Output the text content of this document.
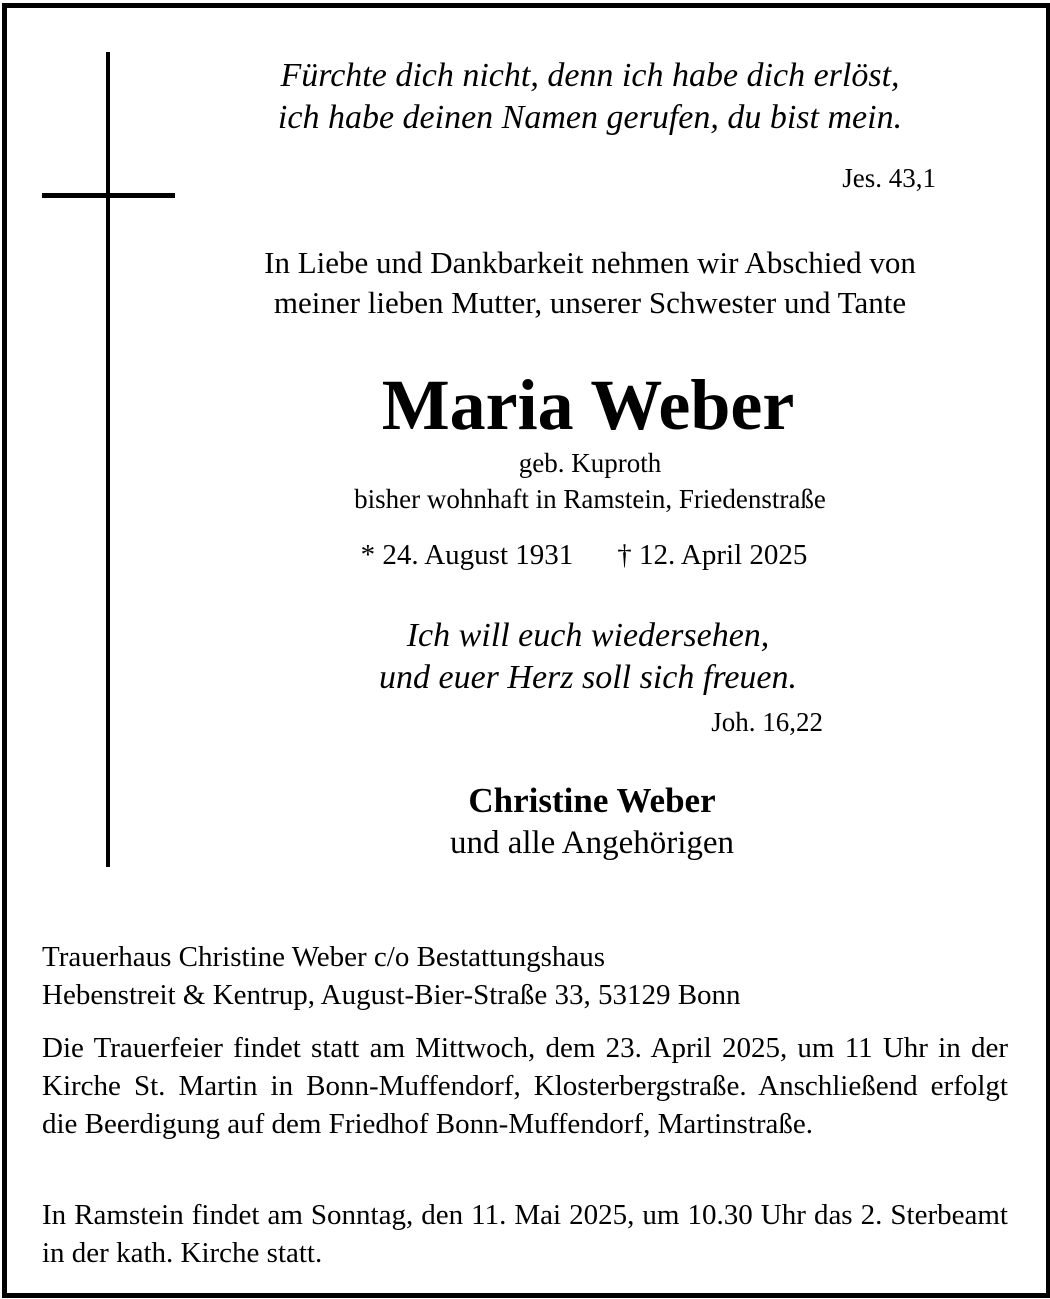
Fürchte dich nicht, denn ich habe dich erlöst,
ich habe deinen Namen gerufen, du bist mein.
Jes. 43,1
In Liebe und Dankbarkeit nehmen wir Abschied von
meiner lieben Mutter, unserer Schwester und Tante
Maria Weber
geb. Kuproth
bisher wohnhaft in Ramstein, Friedenstraße
* 24. August 1931 † 12. April 2025
Ich will euch wiedersehen,
und euer Herz soll sich freuen.
Joh. 16,22
Christine Weber
und alle Angehörigen
Trauerhaus Christine Weber c/o Bestattungshaus
Hebenstreit & Kentrup, August-Bier-Straße 33, 53129 Bonn
Die Trauerfeier findet statt am Mittwoch, dem 23. April 2025, um 11 Uhr in der Kirche St. Martin in Bonn-Muffendorf, Klosterbergstraße. Anschließend erfolgt die Beerdigung auf dem Friedhof Bonn-Muffendorf, Martinstraße.
In Ramstein findet am Sonntag, den 11. Mai 2025, um 10.30 Uhr das 2. Sterbeamt in der kath. Kirche statt.
